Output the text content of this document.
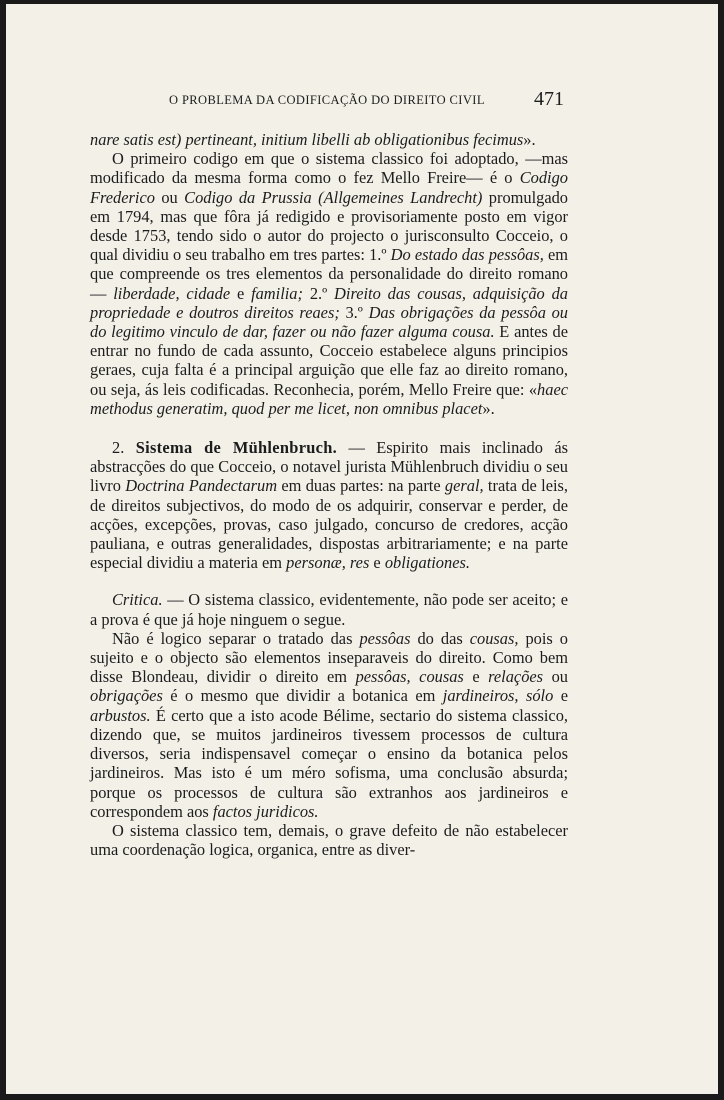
O PROBLEMA DA CODIFICAÇÃO DO DIREITO CIVIL 471

nare satis est) pertineant, initium libelli ab obligationibus fecimus».

O primeiro codigo em que o sistema classico foi adoptado, —mas modificado da mesma forma como o fez Mello Freire— é o Codigo Frederico ou Codigo da Prussia (Allgemeines Landrecht) promulgado em 1794, mas que fôra já redigido e provisoriamente posto em vigor desde 1753, tendo sido o autor do projecto o jurisconsulto Cocceio, o qual dividiu o seu trabalho em tres partes: 1.º Do estado das pessôas, em que compreende os tres elementos da personalidade do direito romano — liberdade, cidade e familia; 2.º Direito das cousas, adquisição da propriedade e doutros direitos reaes; 3.º Das obrigações da pessôa ou do legitimo vinculo de dar, fazer ou não fazer alguma cousa. E antes de entrar no fundo de cada assunto, Cocceio estabelece alguns principios geraes, cuja falta é a principal arguição que elle faz ao direito romano, ou seja, ás leis codificadas. Reconhecia, porém, Mello Freire que: «haec methodus generatim, quod per me licet, non omnibus placet».

2. Sistema de Mühlenbruch. — Espirito mais inclinado ás abstracções do que Cocceio, o notavel jurista Mühlenbruch dividiu o seu livro Doctrina Pandectarum em duas partes: na parte geral, trata de leis, de direitos subjectivos, do modo de os adquirir, conservar e perder, de acções, excepções, provas, caso julgado, concurso de credores, acção pauliana, e outras generalidades, dispostas arbitrariamente; e na parte especial dividiu a materia em personæ, res e obligationes.

Critica. — O sistema classico, evidentemente, não pode ser aceito; e a prova é que já hoje ninguem o segue.

Não é logico separar o tratado das pessôas do das cousas, pois o sujeito e o objecto são elementos inseparaveis do direito. Como bem disse Blondeau, dividir o direito em pessôas, cousas e relações ou obrigações é o mesmo que dividir a botanica em jardineiros, sólo e arbustos. É certo que a isto acode Bélime, sectario do sistema classico, dizendo que, se muitos jardineiros tivessem processos de cultura diversos, seria indispensavel começar o ensino da botanica pelos jardineiros. Mas isto é um méro sofisma, uma conclusão absurda; porque os processos de cultura são extranhos aos jardineiros e correspondem aos factos juridicos.

O sistema classico tem, demais, o grave defeito de não estabelecer uma coordenação logica, organica, entre as diver-
